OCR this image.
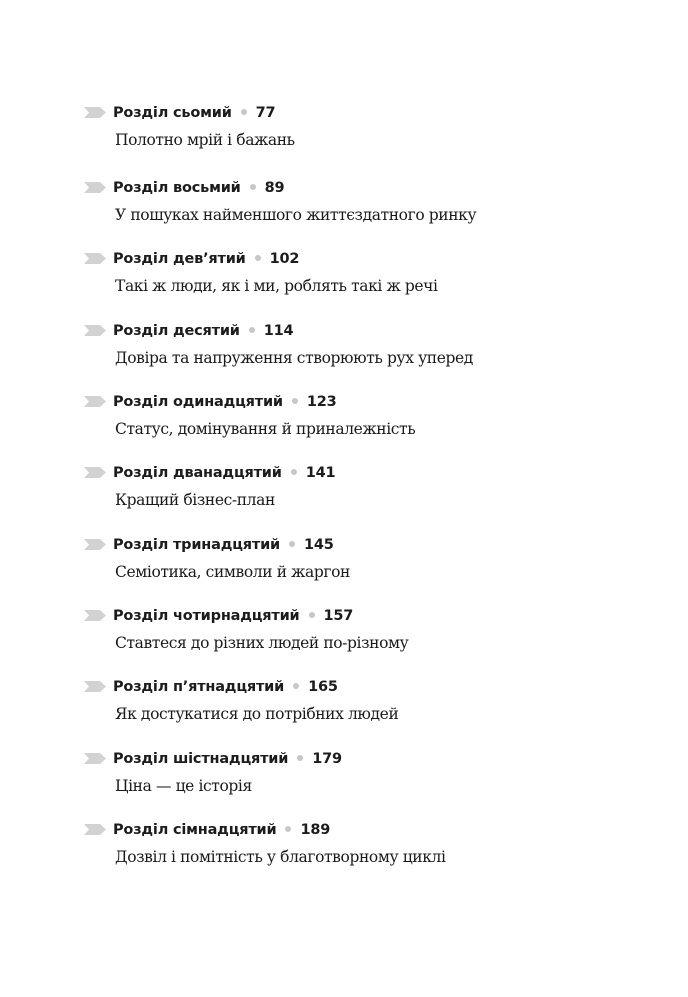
Розділ сьомий 77
Полотно мрій і бажань
Розділ восьмий 89
У пошуках найменшого життєздатного ринку
Розділ дев’ятий 102
Такі ж люди, як і ми, роблять такі ж речі
Розділ десятий 114
Довіра та напруження створюють рух уперед
Розділ одинадцятий 123
Статус, домінування й приналежність
Розділ дванадцятий 141
Кращий бізнес-план
Розділ тринадцятий 145
Семіотика, символи й жаргон
Розділ чотирнадцятий 157
Ставтеся до різних людей по-різному
Розділ п’ятнадцятий 165
Як достукатися до потрібних людей
Розділ шістнадцятий 179
Ціна — це історія
Розділ сімнадцятий 189
Дозвіл і помітність у благотворному циклі
